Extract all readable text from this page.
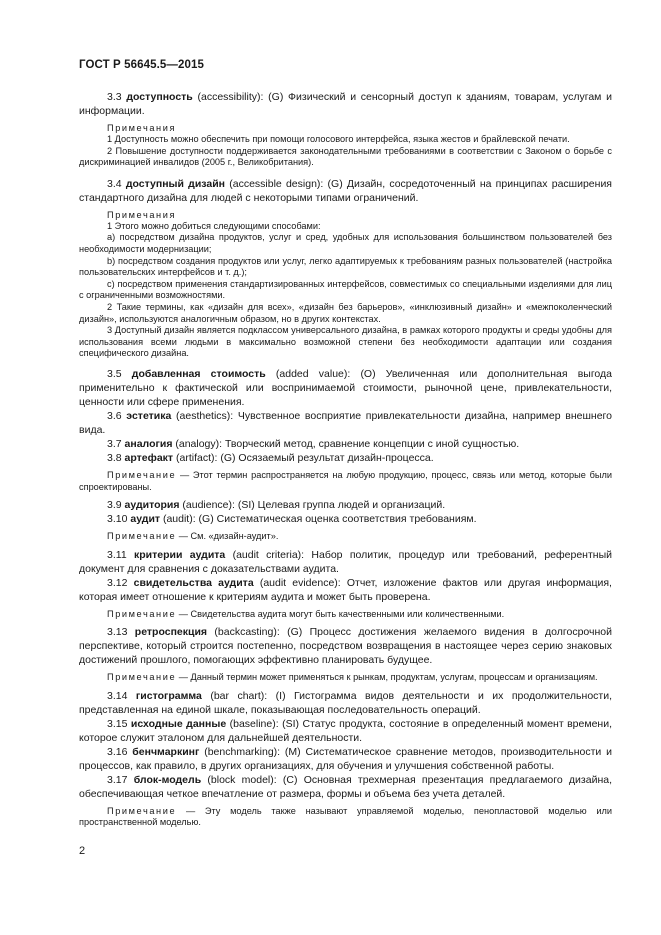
ГОСТ Р 56645.5—2015

3.3 доступность (accessibility): (G) Физический и сенсорный доступ к зданиям, товарам, услугам и информации.

Примечания

1 Доступность можно обеспечить при помощи голосового интерфейса, языка жестов и брайлевской печати.

2 Повышение доступности поддерживается законодательными требованиями в соответствии с Законом о борьбе с дискриминацией инвалидов (2005 г., Великобритания).

3.4 доступный дизайн (accessible design): (G) Дизайн, сосредоточенный на принципах расширения стандартного дизайна для людей с некоторыми типами ограничений.

Примечания

1 Этого можно добиться следующими способами:

а) посредством дизайна продуктов, услуг и сред, удобных для использования большинством пользователей без необходимости модернизации;

b) посредством создания продуктов или услуг, легко адаптируемых к требованиям разных пользователей (настройка пользовательских интерфейсов и т. д.);

c) посредством применения стандартизированных интерфейсов, совместимых со специальными изделиями для лиц с ограниченными возможностями.

2 Такие термины, как «дизайн для всех», «дизайн без барьеров», «инклюзивный дизайн» и «межпоколенческий дизайн», используются аналогичным образом, но в других контекстах.

3 Доступный дизайн является подклассом универсального дизайна, в рамках которого продукты и среды удобны для использования всеми людьми в максимально возможной степени без необходимости адаптации или создания специфического дизайна.

3.5 добавленная стоимость (added value): (O) Увеличенная или дополнительная выгода применительно к фактической или воспринимаемой стоимости, рыночной цене, привлекательности, ценности или сфере применения.

3.6 эстетика (aesthetics): Чувственное восприятие привлекательности дизайна, например внешнего вида.

3.7 аналогия (analogy): Творческий метод, сравнение концепции с иной сущностью.

3.8 артефакт (artifact): (G) Осязаемый результат дизайн-процесса.

Примечание — Этот термин распространяется на любую продукцию, процесс, связь или метод, которые были спроектированы.

3.9 аудитория (audience): (SI) Целевая группа людей и организаций.

3.10 аудит (audit): (G) Систематическая оценка соответствия требованиям.

Примечание — См. «дизайн-аудит».

3.11 критерии аудита (audit criteria): Набор политик, процедур или требований, референтный документ для сравнения с доказательствами аудита.

3.12 свидетельства аудита (audit evidence): Отчет, изложение фактов или другая информация, которая имеет отношение к критериям аудита и может быть проверена.

Примечание — Свидетельства аудита могут быть качественными или количественными.

3.13 ретроспекция (backcasting): (G) Процесс достижения желаемого видения в долгосрочной перспективе, который строится постепенно, посредством возвращения в настоящее через серию знаковых достижений прошлого, помогающих эффективно планировать будущее.

Примечание — Данный термин может применяться к рынкам, продуктам, услугам, процессам и организациям.

3.14 гистограмма (bar chart): (I) Гистограмма видов деятельности и их продолжительности, представленная на единой шкале, показывающая последовательность операций.

3.15 исходные данные (baseline): (SI) Статус продукта, состояние в определенный момент времени, которое служит эталоном для дальнейшей деятельности.

3.16 бенчмаркинг (benchmarking): (M) Систематическое сравнение методов, производительности и процессов, как правило, в других организациях, для обучения и улучшения собственной работы.

3.17 блок-модель (block model): (C) Основная трехмерная презентация предлагаемого дизайна, обеспечивающая четкое впечатление от размера, формы и объема без учета деталей.

Примечание — Эту модель также называют управляемой моделью, пенопластовой моделью или пространственной моделью.

2
